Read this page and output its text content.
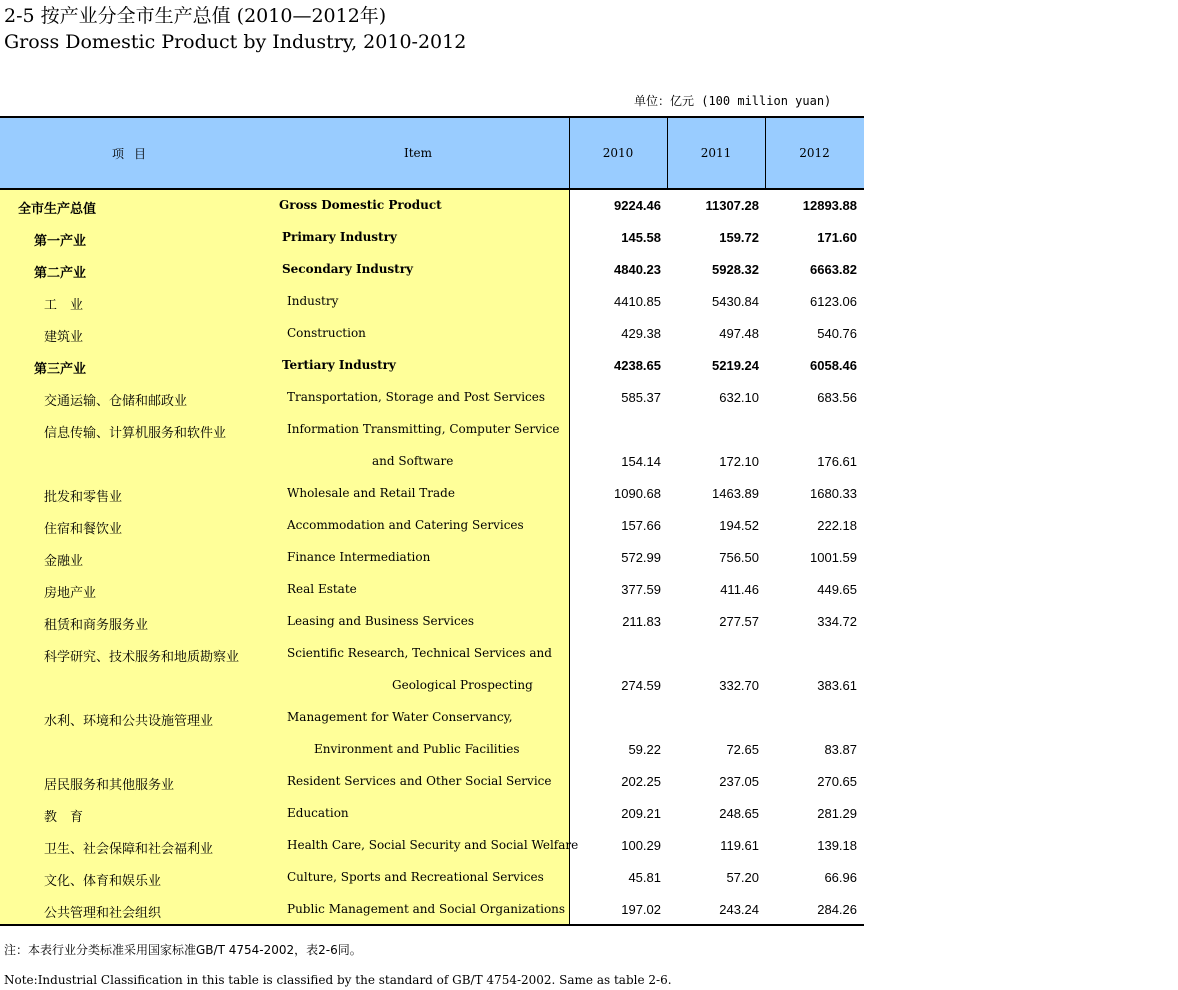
2-5 按产业分全市生产总值 (2010—2012年)
Gross Domestic Product by Industry, 2010-2012
单位：亿元 (100 million yuan)
项目	Item	2010	2011	2012
全市生产总值	Gross Domestic Product	9224.46	11307.28	12893.88
第一产业	Primary Industry	145.58	159.72	171.60
第二产业	Secondary Industry	4840.23	5928.32	6663.82
工　业	Industry	4410.85	5430.84	6123.06
建筑业	Construction	429.38	497.48	540.76
第三产业	Tertiary Industry	4238.65	5219.24	6058.46
交通运输、仓储和邮政业	Transportation, Storage and Post Services	585.37	632.10	683.56
信息传输、计算机服务和软件业	Information Transmitting, Computer Service
and Software	154.14	172.10	176.61
批发和零售业	Wholesale and Retail Trade	1090.68	1463.89	1680.33
住宿和餐饮业	Accommodation and Catering Services	157.66	194.52	222.18
金融业	Finance Intermediation	572.99	756.50	1001.59
房地产业	Real Estate	377.59	411.46	449.65
租赁和商务服务业	Leasing and Business Services	211.83	277.57	334.72
科学研究、技术服务和地质勘察业	Scientific Research, Technical Services and
Geological Prospecting	274.59	332.70	383.61
水利、环境和公共设施管理业	Management for Water Conservancy,
Environment and Public Facilities	59.22	72.65	83.87
居民服务和其他服务业	Resident Services and Other Social Service	202.25	237.05	270.65
教　育	Education	209.21	248.65	281.29
卫生、社会保障和社会福利业	Health Care, Social Security and Social Welfare	100.29	119.61	139.18
文化、体育和娱乐业	Culture, Sports and Recreational Services	45.81	57.20	66.96
公共管理和社会组织	Public Management and Social Organizations	197.02	243.24	284.26
注：本表行业分类标准采用国家标准GB/T 4754-2002，表2-6同。
Note:Industrial Classification in this table is classified by the standard of GB/T 4754-2002. Same as table 2-6.
